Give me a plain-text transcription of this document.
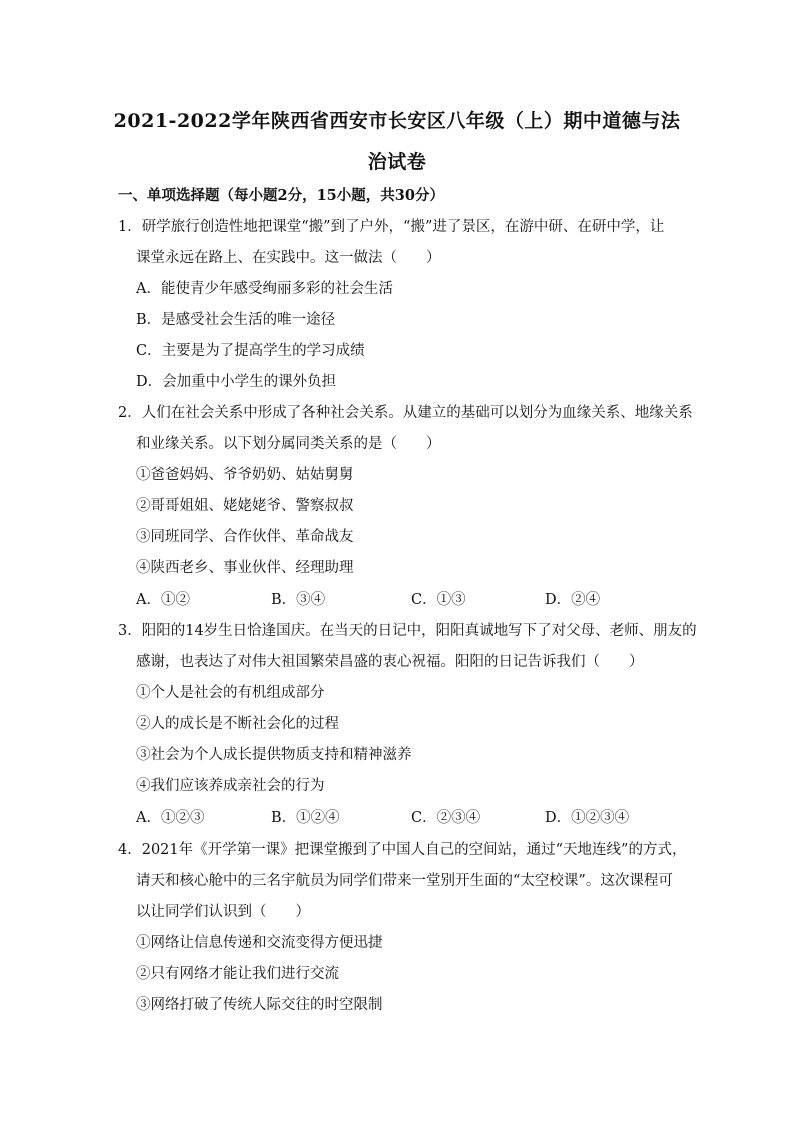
2021-2022学年陕西省西安市长安区八年级（上）期中道德与法
治试卷
一、单项选择题（每小题2分，15小题，共30分）
1．研学旅行创造性地把课堂“搬”到了户外，“搬”进了景区，在游中研、在研中学，让
课堂永远在路上、在实践中。这一做法（　　）
A．能使青少年感受绚丽多彩的社会生活
B．是感受社会生活的唯一途径
C．主要是为了提高学生的学习成绩
D．会加重中小学生的课外负担
2．人们在社会关系中形成了各种社会关系。从建立的基础可以划分为血缘关系、地缘关系
和业缘关系。以下划分属同类关系的是（　　）
①爸爸妈妈、爷爷奶奶、姑姑舅舅
②哥哥姐姐、姥姥姥爷、警察叔叔
③同班同学、合作伙伴、革命战友
④陕西老乡、事业伙伴、经理助理
A．①②	B．③④	C．①③	D．②④
3．阳阳的14岁生日恰逢国庆。在当天的日记中，阳阳真诚地写下了对父母、老师、朋友的
感谢，也表达了对伟大祖国繁荣昌盛的衷心祝福。阳阳的日记告诉我们（　　）
①个人是社会的有机组成部分
②人的成长是不断社会化的过程
③社会为个人成长提供物质支持和精神滋养
④我们应该养成亲社会的行为
A．①②③	B．①②④	C．②③④	D．①②③④
4．2021年《开学第一课》把课堂搬到了中国人自己的空间站，通过“天地连线”的方式，
请天和核心舱中的三名宇航员为同学们带来一堂别开生面的“太空校课”。这次课程可
以让同学们认识到（　　）
①网络让信息传递和交流变得方便迅捷
②只有网络才能让我们进行交流
③网络打破了传统人际交往的时空限制
